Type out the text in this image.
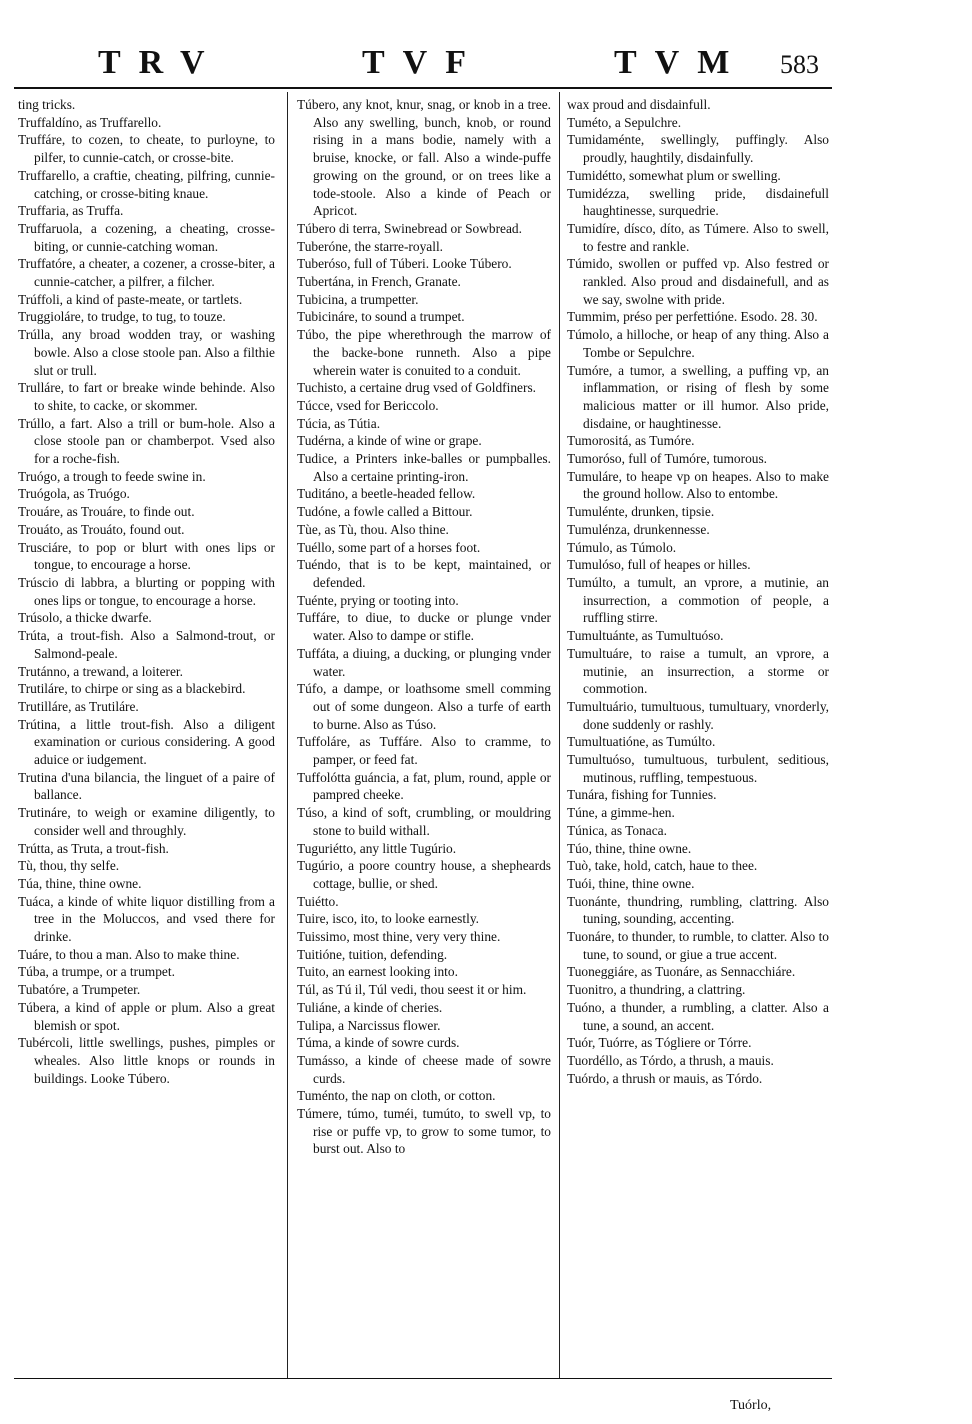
TRV	TVF	TVM 583

ting tricks.

Truffaldíno, as Truffarello.

Truffáre, to cozen, to cheate, to purloyne, to pilfer, to cunnie-catch, or crosse-bite.

Truffarello, a craftie, cheating, pilfring, cunnie-catching, or crosse-biting knaue.

Truffaria, as Truffa.

Truffaruola, a cozening, a cheating, crosse-biting, or cunnie-catching woman.

Truffatóre, a cheater, a cozener, a crosse-biter, a cunnie-catcher, a pilfrer, a filcher.

Trúffoli, a kind of paste-meate, or tartlets.

Truggioláre, to trudge, to tug, to touze.

Trúlla, any broad wodden tray, or washing bowle. Also a close stoole pan. Also a filthie slut or trull.

Trulláre, to fart or breake winde behinde. Also to shite, to cacke, or skommer.

Trúllo, a fart. Also a trill or bum-hole. Also a close stoole pan or chamberpot. Vsed also for a roche-fish.

Truógo, a trough to feede swine in.

Truógola, as Truógo.

Trouáre, as Trouáre, to finde out.

Trouáto, as Trouáto, found out.

Trusciáre, to pop or blurt with ones lips or tongue, to encourage a horse.

Trúscio di labbra, a blurting or popping with ones lips or tongue, to encourage a horse.

Trúsolo, a thicke dwarfe.

Trúta, a trout-fish. Also a Salmond-trout, or Salmond-peale.

Trutánno, a trewand, a loiterer.

Trutiláre, to chirpe or sing as a blackebird.

Trutilláre, as Trutiláre.

Trútina, a little trout-fish. Also a diligent examination or curious considering. A good aduice or iudgement.

Trutina d'una bilancia, the linguet of a paire of ballance.

Trutináre, to weigh or examine diligently, to consider well and throughly.

Trútta, as Truta, a trout-fish.

Tù, thou, thy selfe.

Túa, thine, thine owne.

Tuáca, a kinde of white liquor distilling from a tree in the Moluccos, and vsed there for drinke.

Tuáre, to thou a man. Also to make thine.

Túba, a trumpe, or a trumpet.

Tubatóre, a Trumpeter.

Túbera, a kind of apple or plum. Also a great blemish or spot.

Tubércoli, little swellings, pushes, pimples or wheales. Also little knops or rounds in buildings. Looke Túbero.

Túbero, any knot, knur, snag, or knob in a tree. Also any swelling, bunch, knob, or round rising in a mans bodie, namely with a bruise, knocke, or fall. Also a winde-puffe growing on the ground, or on trees like a tode-stoole. Also a kinde of Peach or Apricot.

Túbero di terra, Swinebread or Sowbread.

Tuberóne, the starre-royall.

Tuberóso, full of Túberi. Looke Túbero.

Tubertána, in French, Granate.

Tubicina, a trumpetter.

Tubicináre, to sound a trumpet.

Túbo, the pipe wherethrough the marrow of the backe-bone runneth. Also a pipe wherein water is conuited to a conduit.

Tuchisto, a certaine drug vsed of Goldfiners.

Túcce, vsed for Bericcolo.

Túcia, as Tútia.

Tudérna, a kinde of wine or grape.

Tudice, a Printers inke-balles or pumpballes. Also a certaine printing-iron.

Tuditáno, a beetle-headed fellow.

Tudóne, a fowle called a Bittour.

Tùe, as Tù, thou. Also thine.

Tuéllo, some part of a horses foot.

Tuéndo, that is to be kept, maintained, or defended.

Tuénte, prying or tooting into.

Tuffáre, to diue, to ducke or plunge vnder water. Also to dampe or stifle.

Tuffáta, a diuing, a ducking, or plunging vnder water.

Túfo, a dampe, or loathsome smell comming out of some dungeon. Also a turfe of earth to burne. Also as Túso.

Tuffoláre, as Tuffáre. Also to cramme, to pamper, or feed fat.

Tuffolótta guáncia, a fat, plum, round, apple or pampred cheeke.

Túso, a kind of soft, crumbling, or mouldring stone to build withall.

Tuguriétto, any little Tugúrio.

Tugúrio, a poore country house, a shepheards cottage, bullie, or shed.

Tuiétto.

Tuire, isco, ito, to looke earnestly.

Tuissimo, most thine, very very thine.

Tuitióne, tuition, defending.

Tuito, an earnest looking into.

Túl, as Tú il, Túl vedi, thou seest it or him.

Tuliáne, a kinde of cheries.

Tulipa, a Narcissus flower.

Túma, a kinde of sowre curds.

Tumásso, a kinde of cheese made of sowre curds.

Tuménto, the nap on cloth, or cotton.

Túmere, túmo, tuméi, tumúto, to swell vp, to rise or puffe vp, to grow to some tumor, to burst out. Also to

wax proud and disdainfull.

Tuméto, a Sepulchre.

Tumidaménte, swellingly, puffingly. Also proudly, haughtily, disdainfully.

Tumidétto, somewhat plum or swelling.

Tumidézza, swelling pride, disdainefull haughtinesse, surquedrie.

Tumidíre, dísco, díto, as Túmere. Also to swell, to festre and rankle.

Túmido, swollen or puffed vp. Also festred or rankled. Also proud and disdainefull, and as we say, swolne with pride.

Tummim, préso per perfettióne. Esodo. 28. 30.

Túmolo, a hilloche, or heap of any thing. Also a Tombe or Sepulchre.

Tumóre, a tumor, a swelling, a puffing vp, an inflammation, or rising of flesh by some malicious matter or ill humor. Also pride, disdaine, or haughtinesse.

Tumorositá, as Tumóre.

Tumoróso, full of Tumóre, tumorous.

Tumuláre, to heape vp on heapes. Also to make the ground hollow. Also to entombe.

Tumulénte, drunken, tipsie.

Tumulénza, drunkennesse.

Túmulo, as Túmolo.

Tumulóso, full of heapes or hilles.

Tumúlto, a tumult, an vprore, a mutinie, an insurrection, a commotion of people, a ruffling stirre.

Tumultuánte, as Tumultuóso.

Tumultuáre, to raise a tumult, an vprore, a mutinie, an insurrection, a storme or commotion.

Tumultuário, tumultuous, tumultuary, vnorderly, done suddenly or rashly.

Tumultuatióne, as Tumúlto.

Tumultuóso, tumultuous, turbulent, seditious, mutinous, ruffling, tempestuous.

Tunára, fishing for Tunnies.

Túne, a gimme-hen.

Túnica, as Tonaca.

Túo, thine, thine owne.

Tuò, take, hold, catch, haue to thee.

Tuói, thine, thine owne.

Tuonánte, thundring, rumbling, clattring. Also tuning, sounding, accenting.

Tuonáre, to thunder, to rumble, to clatter. Also to tune, to sound, or giue a true accent.

Tuoneggiáre, as Tuonáre, as Sennacchiáre.

Tuonitro, a thundring, a clattring.

Tuóno, a thunder, a rumbling, a clatter. Also a tune, a sound, an accent.

Tuór, Tuórre, as Tógliere or Tórre.

Tuordéllo, as Tórdo, a thrush, a mauis.

Tuórdo, a thrush or mauis, as Tórdo.

Tuórlo,
